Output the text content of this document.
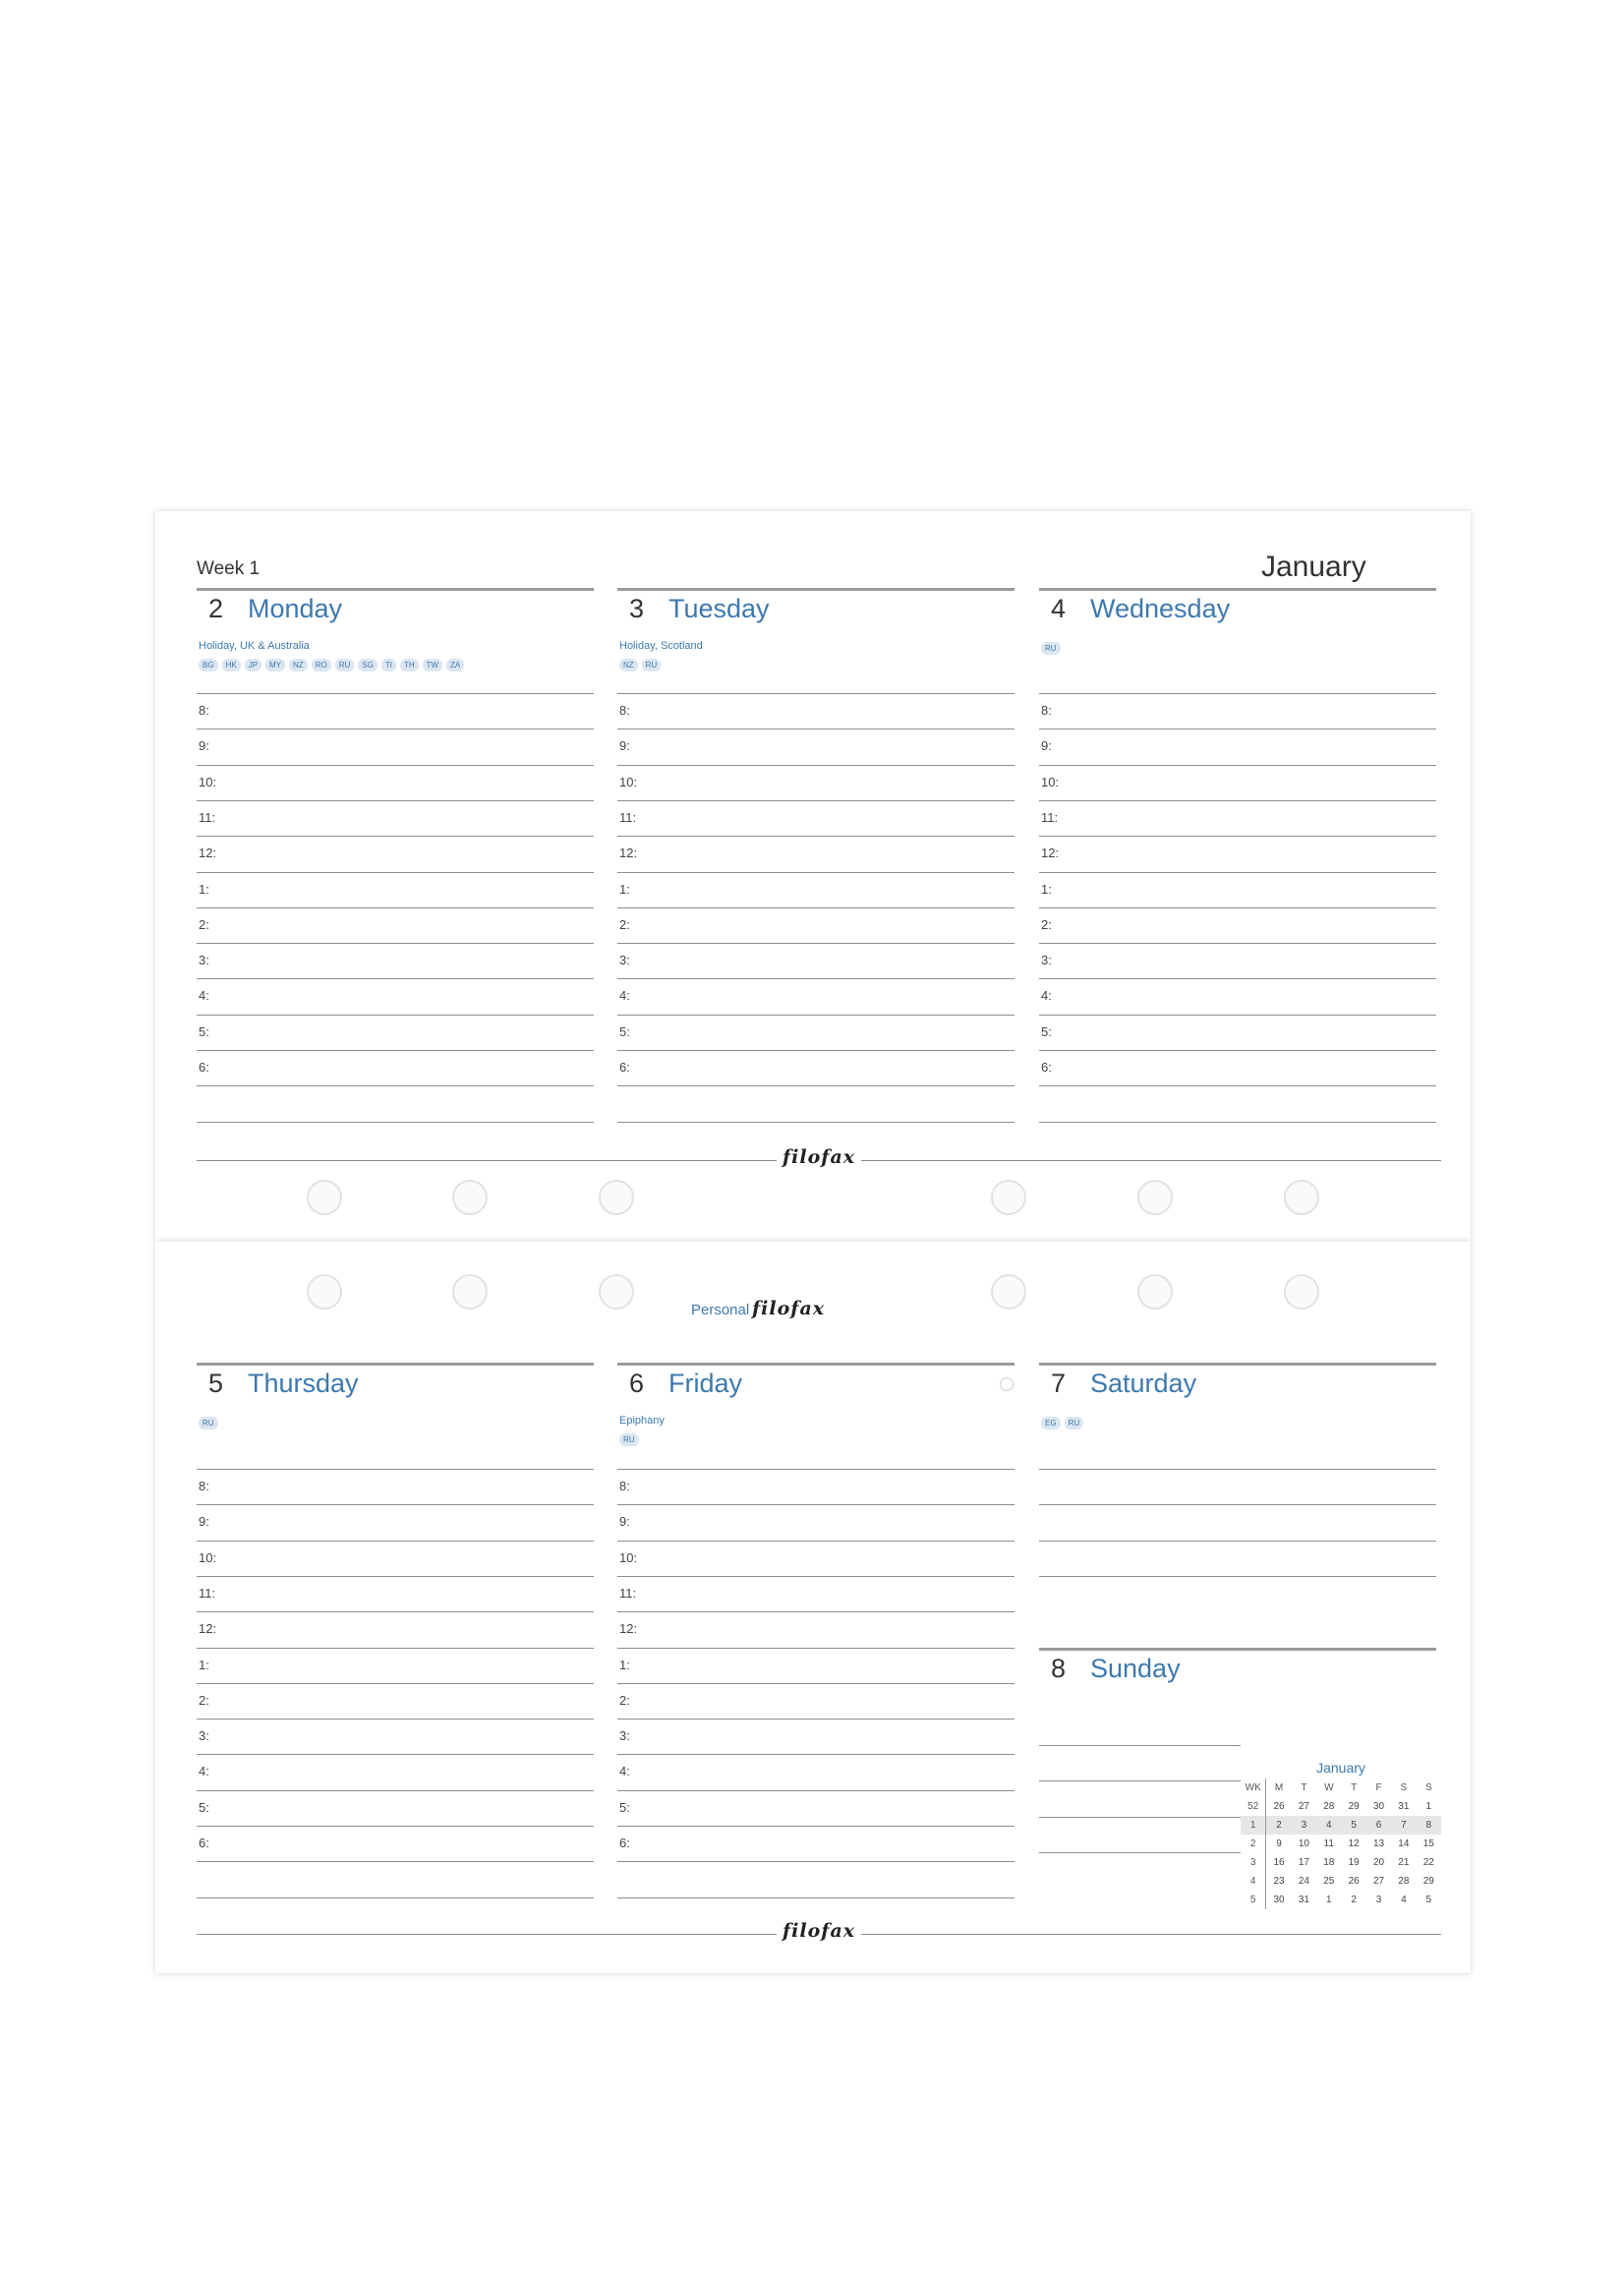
Week 1	January
2 Monday
Holiday, UK & Australia
BG	HK	JP	MY	NZ	RO	RU	SG	TI	TH	TW	ZA
8:
9:
10:
11:
12:
1:
2:
3:
4:
5:
6:
3 Tuesday
Holiday, Scotland
NZ	RU
8:
9:
10:
11:
12:
1:
2:
3:
4:
5:
6:
4 Wednesday
RU
8:
9:
10:
11:
12:
1:
2:
3:
4:
5:
6:
filofax
Personal filofax
5 Thursday
RU
8:
9:
10:
11:
12:
1:
2:
3:
4:
5:
6:
6 Friday
Epiphany
RU
8:
9:
10:
11:
12:
1:
2:
3:
4:
5:
6:
7 Saturday
EG	RU
8 Sunday
January
WK	M	T	W	T	F	S	S
52	26	27	28	29	30	31	1
1	2	3	4	5	6	7	8
2	9	10	11	12	13	14	15
3	16	17	18	19	20	21	22
4	23	24	25	26	27	28	29
5	30	31	1	2	3	4	5
filofax
